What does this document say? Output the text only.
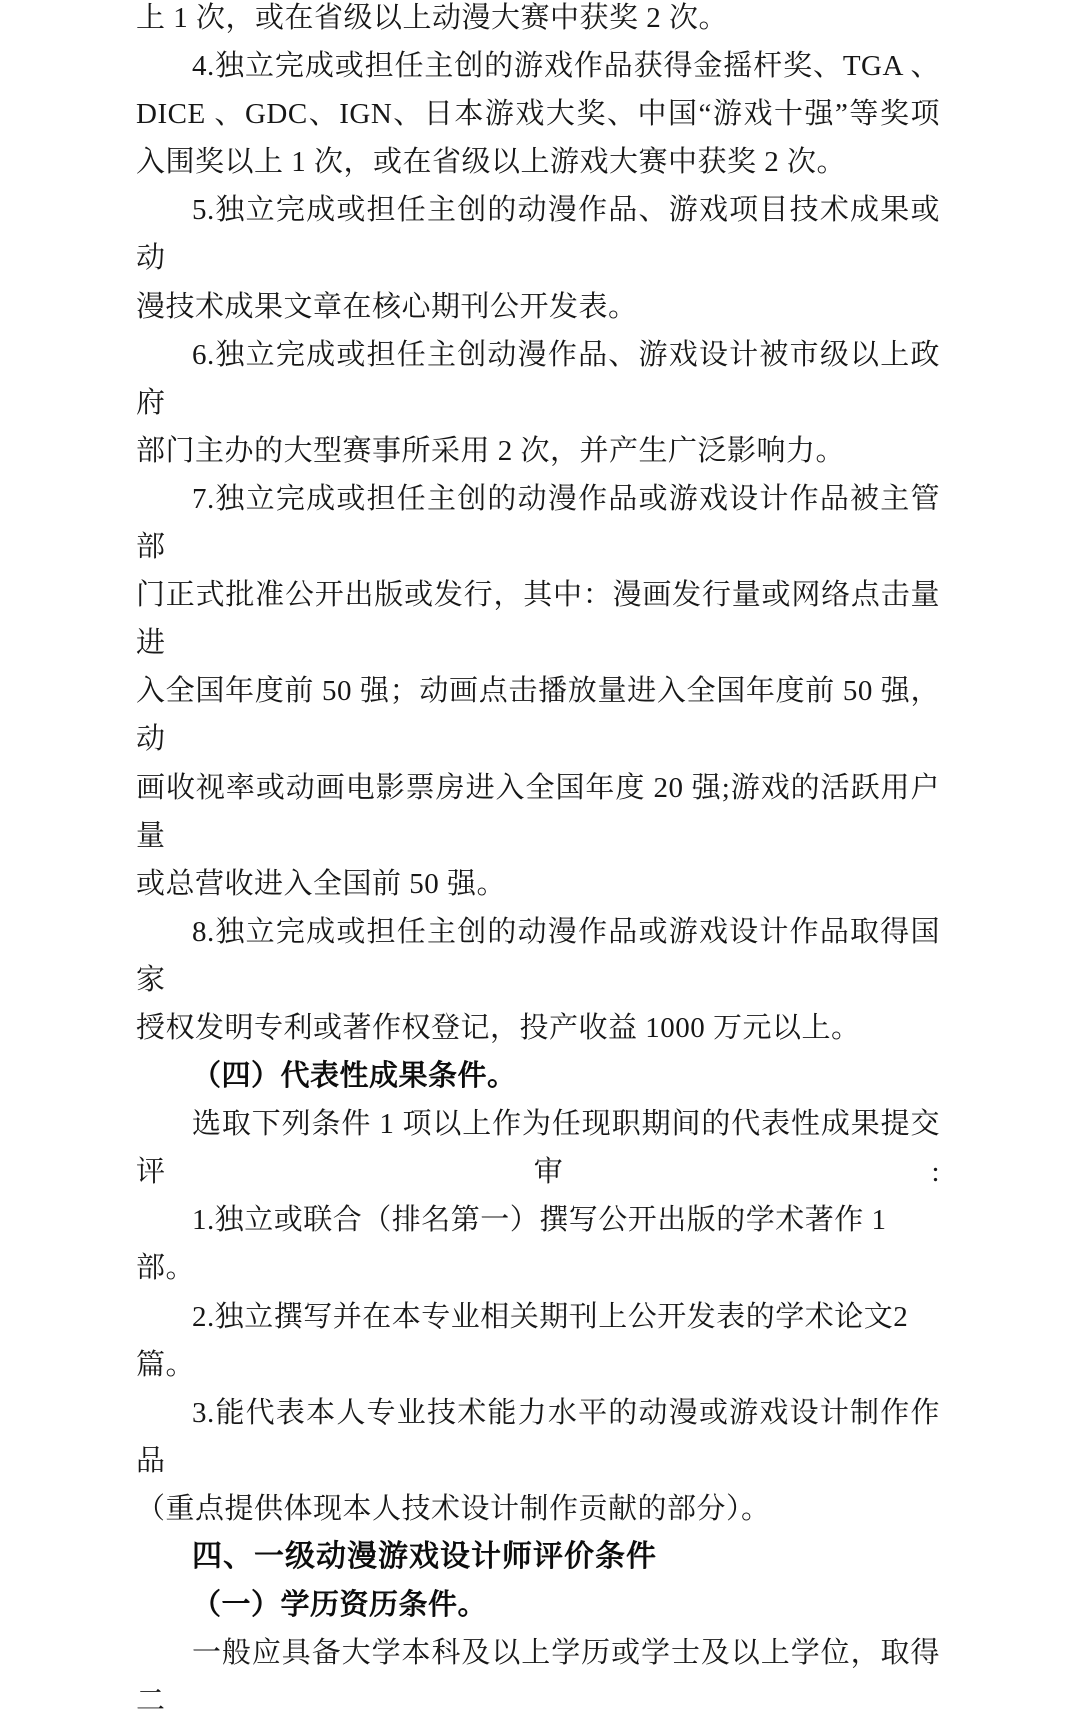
上 1 次，或在省级以上动漫大赛中获奖 2 次。
4.独立完成或担任主创的游戏作品获得金摇杆奖、TGA 、
DICE 、GDC、IGN、日本游戏大奖、中国“游戏十强”等奖项
入围奖以上 1 次，或在省级以上游戏大赛中获奖 2 次。
5.独立完成或担任主创的动漫作品、游戏项目技术成果或动
漫技术成果文章在核心期刊公开发表。
6.独立完成或担任主创动漫作品、游戏设计被市级以上政府
部门主办的大型赛事所采用 2 次，并产生广泛影响力。
7.独立完成或担任主创的动漫作品或游戏设计作品被主管部
门正式批准公开出版或发行，其中：漫画发行量或网络点击量进
入全国年度前 50 强；动画点击播放量进入全国年度前 50 强，动
画收视率或动画电影票房进入全国年度 20 强;游戏的活跃用户量
或总营收进入全国前 50 强。
8.独立完成或担任主创的动漫作品或游戏设计作品取得国家
授权发明专利或著作权登记，投产收益 1000 万元以上。
（四）代表性成果条件。
选取下列条件 1 项以上作为任现职期间的代表性成果提交评审:
1.独立或联合（排名第一）撰写公开出版的学术著作 1 部。
2.独立撰写并在本专业相关期刊上公开发表的学术论文2篇。
3.能代表本人专业技术能力水平的动漫或游戏设计制作作品
（重点提供体现本人技术设计制作贡献的部分）。
四、一级动漫游戏设计师评价条件
（一）学历资历条件。
一般应具备大学本科及以上学历或学士及以上学位，取得二
